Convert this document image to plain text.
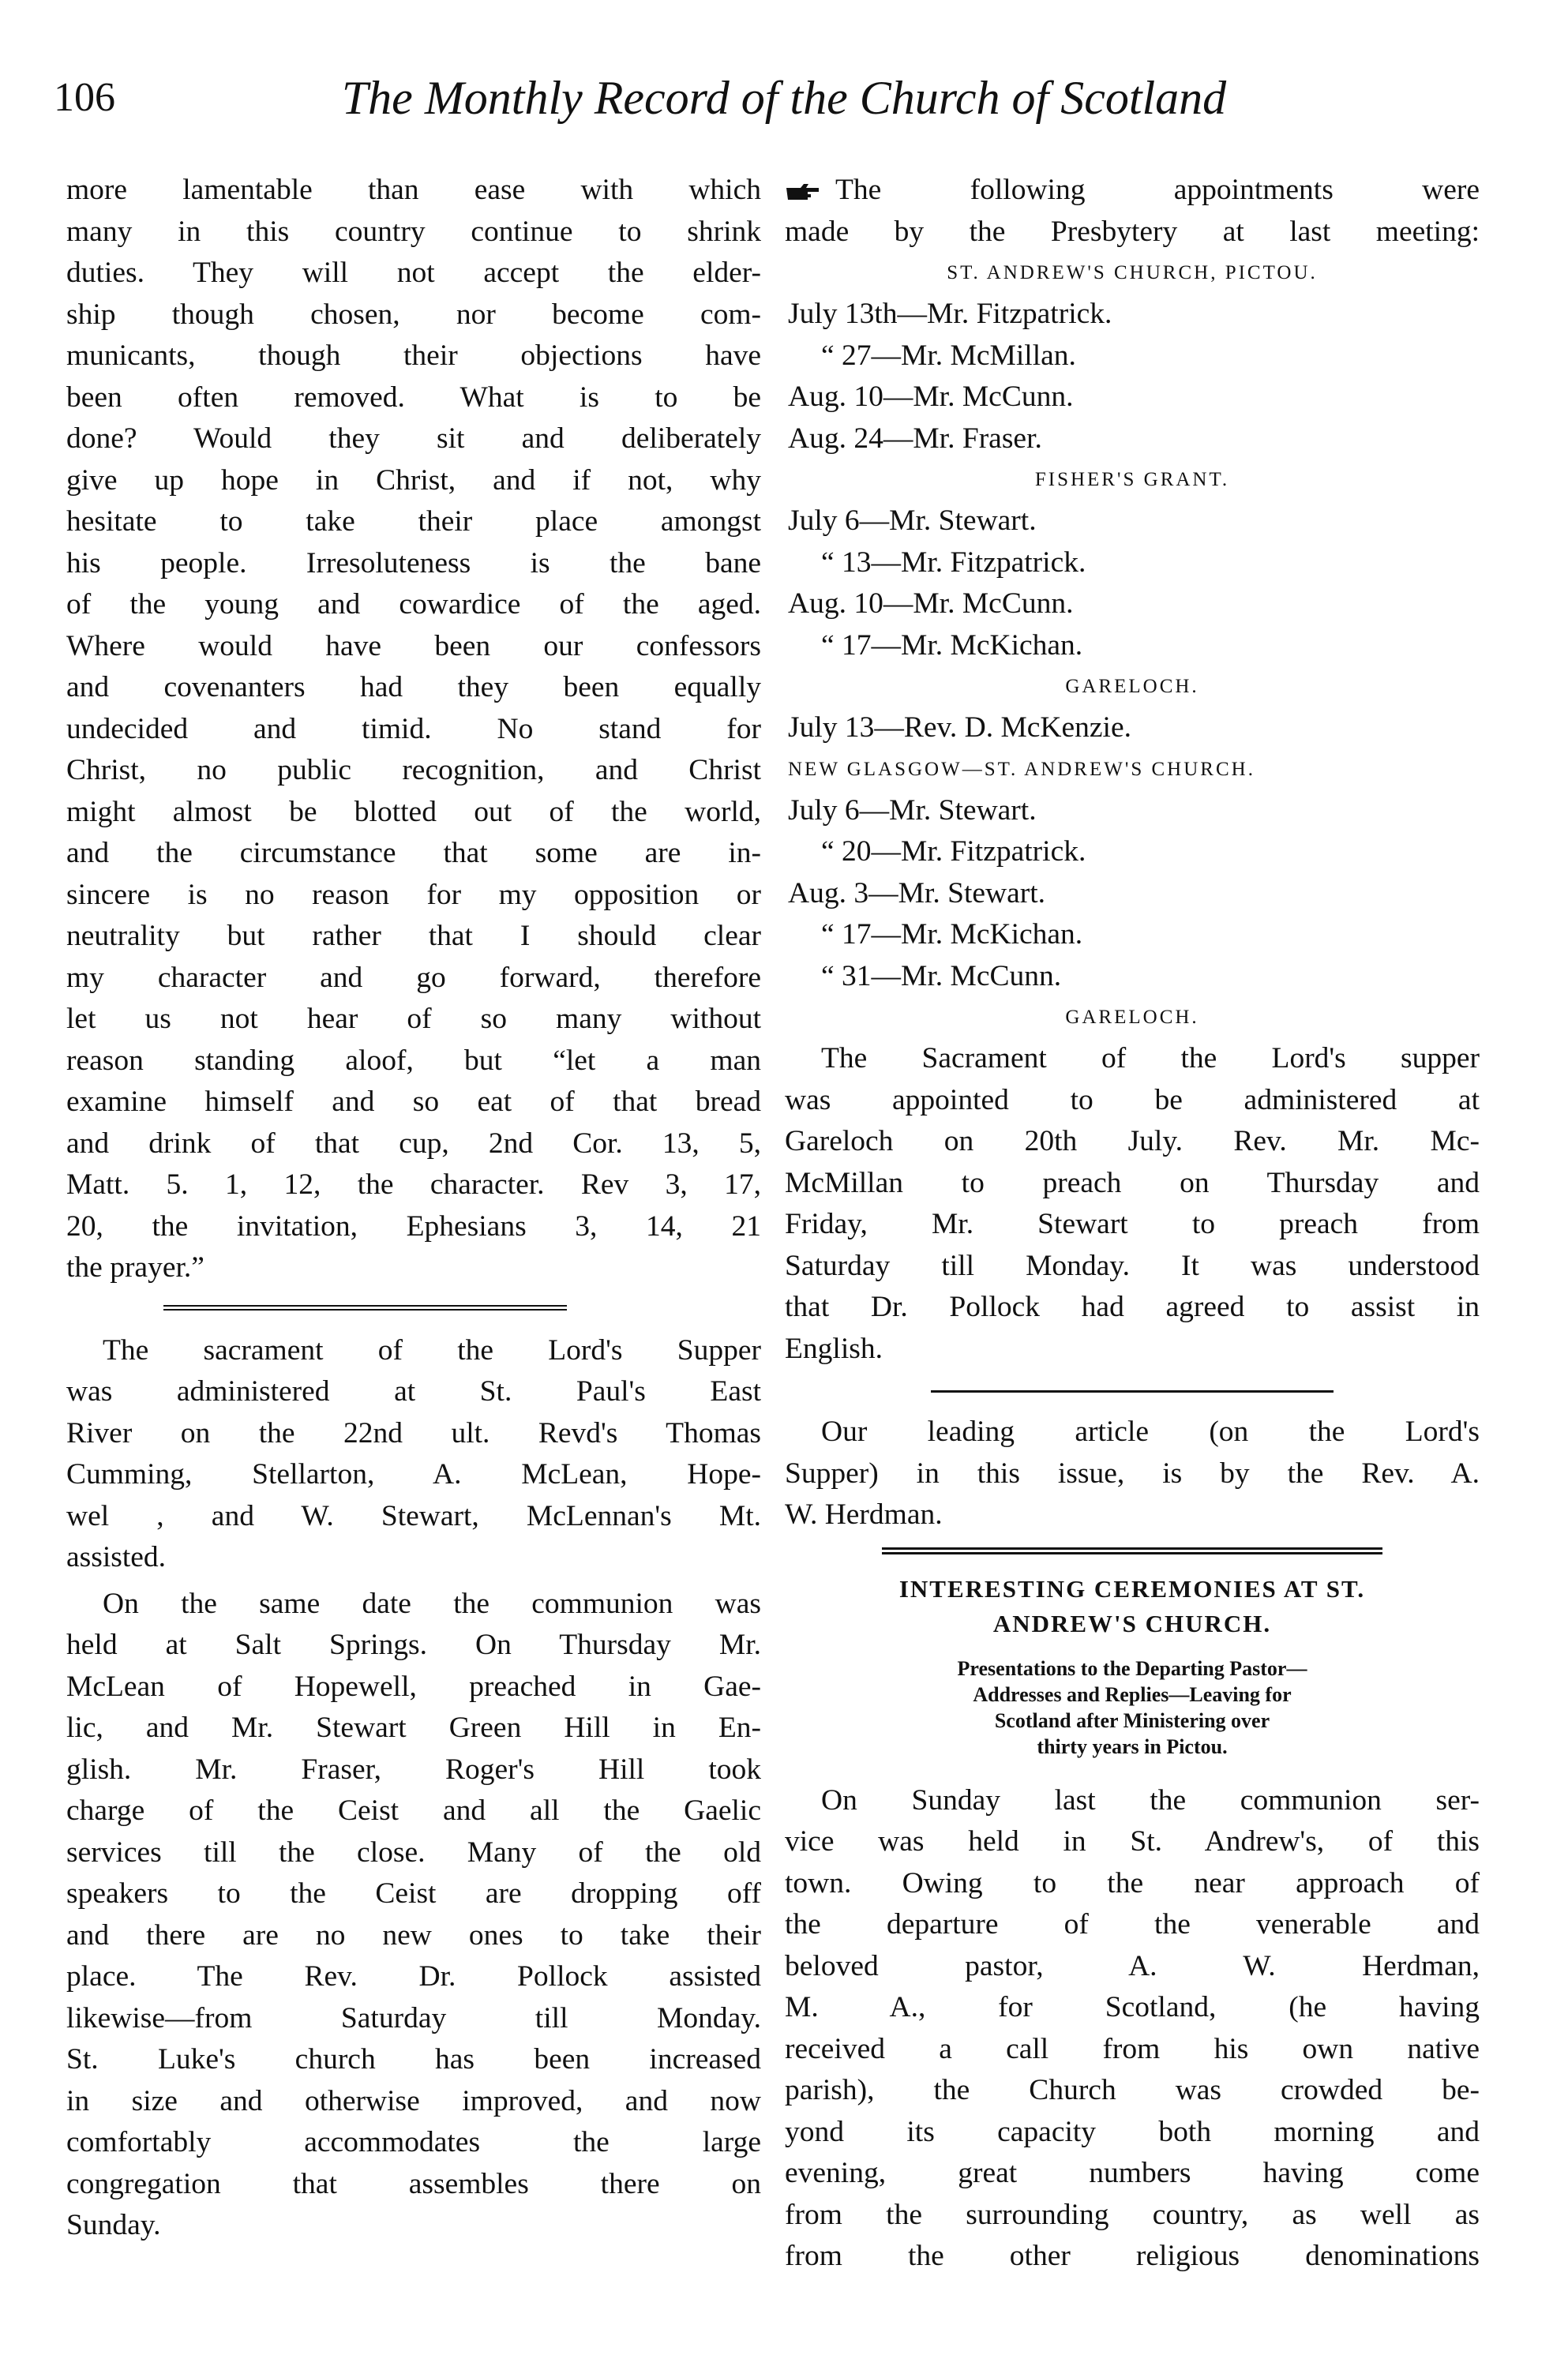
106	The Monthly Record of the Church of Scotland

more lamentable than ease with which
many in this country continue to shrink
duties. They will not accept the elder-
ship though chosen, nor become com-
municants, though their objections have
been often removed. What is to be
done? Would they sit and deliberately
give up hope in Christ, and if not, why
hesitate to take their place amongst
his people. Irresoluteness is the bane
of the young and cowardice of the aged.
Where would have been our confessors
and covenanters had they been equally
undecided and timid. No stand for
Christ, no public recognition, and Christ
might almost be blotted out of the world,
and the circumstance that some are in-
sincere is no reason for my opposition or
neutrality but rather that I should clear
my character and go forward, therefore
let us not hear of so many without
reason standing aloof, but “let a man
examine himself and so eat of that bread
and drink of that cup, 2nd Cor. 13, 5,
Matt. 5. 1, 12, the character. Rev 3, 17,
20, the invitation, Ephesians 3, 14, 21
the prayer.”

The sacrament of the Lord's Supper
was administered at St. Paul's East
River on the 22nd ult. Revd's Thomas
Cumming, Stellarton, A. McLean, Hope-
wel , and W. Stewart, McLennan's Mt.
assisted.

On the same date the communion was
held at Salt Springs. On Thursday Mr.
McLean of Hopewell, preached in Gae-
lic, and Mr. Stewart Green Hill in En-
glish. Mr. Fraser, Roger's Hill took
charge of the Ceist and all the Gaelic
services till the close. Many of the old
speakers to the Ceist are dropping off
and there are no new ones to take their
place. The Rev. Dr. Pollock assisted
likewise—from Saturday till Monday.
St. Luke's church has been increased
in size and otherwise improved, and now
comfortably accommodates the large
congregation that assembles there on
Sunday.

The following appointments were
made by the Presbytery at last meeting:

ST. ANDREW'S CHURCH, PICTOU.
July 13th—Mr. Fitzpatrick.
“ 27—Mr. McMillan.
Aug. 10—Mr. McCunn.
Aug. 24—Mr. Fraser.
FISHER'S GRANT.
July 6—Mr. Stewart.
“ 13—Mr. Fitzpatrick.
Aug. 10—Mr. McCunn.
“ 17—Mr. McKichan.
GARELOCH.
July 13—Rev. D. McKenzie.
NEW GLASGOW—ST. ANDREW'S CHURCH.
July 6—Mr. Stewart.
“ 20—Mr. Fitzpatrick.
Aug. 3—Mr. Stewart.
“ 17—Mr. McKichan.
“ 31—Mr. McCunn.
GARELOCH.

The Sacrament of the Lord's supper
was appointed to be administered at
Gareloch on 20th July. Rev. Mr. Mc-
McMillan to preach on Thursday and
Friday, Mr. Stewart to preach from
Saturday till Monday. It was understood
that Dr. Pollock had agreed to assist in
English.

Our leading article (on the Lord's
Supper) in this issue, is by the Rev. A.
W. Herdman.

INTERESTING CEREMONIES AT ST.
ANDREW'S CHURCH.
Presentations to the Departing Pastor—
Addresses and Replies—Leaving for
Scotland after Ministering over
thirty years in Pictou.

On Sunday last the communion ser-
vice was held in St. Andrew's, of this
town. Owing to the near approach of
the departure of the venerable and
beloved pastor, A. W. Herdman,
M. A., for Scotland, (he having
received a call from his own native
parish), the Church was crowded be-
yond its capacity both morning and
evening, great numbers having come
from the surrounding country, as well as
from the other religious denominations
